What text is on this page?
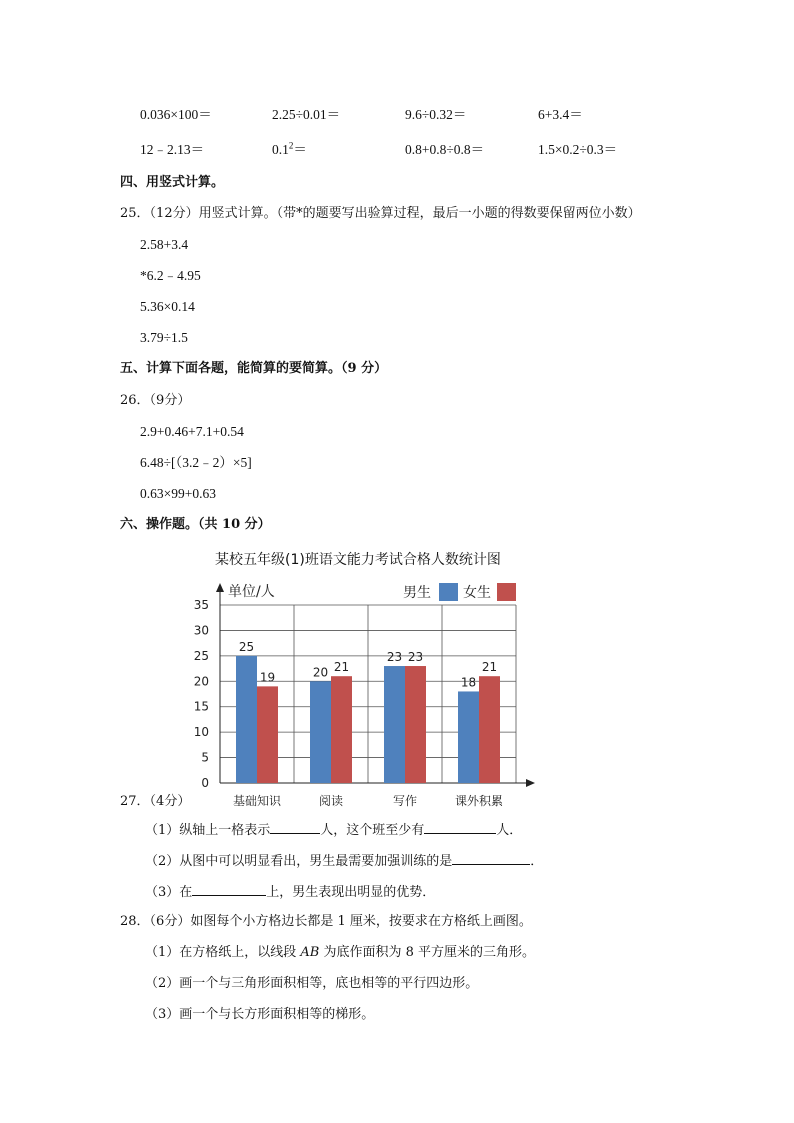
0.036×100＝	2.25÷0.01＝	9.6÷0.32＝	6+3.4＝
12﹣2.13＝	$0.1^2=$	0.8+0.8÷0.8＝	1.5×0.2÷0.3＝
四、用竖式计算。
25．（12分）用竖式计算。（带*的题要写出验算过程，最后一小题的得数要保留两位小数）
2.58+3.4
*6.2﹣4.95
5.36×0.14
3.79÷1.5
五、计算下面各题，能简算的要简算。（9 分）
26．（9分）
2.9+0.46+7.1+0.54
6.48÷[（3.2﹣2）×5]
0.63×99+0.63
六、操作题。（共 10 分）
某校五年级(1)班语文能力考试合格人数统计图
0
5
10
15
20
25
30
35
单位/人	男生 女生
25
19
基础知识
20 21
阅读
23 23
写作
18
21
课外积累
27．（4分）
（1）纵轴上一格表示	人，这个班至少有	人．
（2）从图中可以明显看出，男生最需要加强训练的是	．
（3）在	上，男生表现出明显的优势．
28．（6分）如图每个小方格边长都是 1 厘米，按要求在方格纸上画图。
（1）在方格纸上，以线段 AB 为底作面积为 8 平方厘米的三角形。
（2）画一个与三角形面积相等，底也相等的平行四边形。
（3）画一个与长方形面积相等的梯形。
